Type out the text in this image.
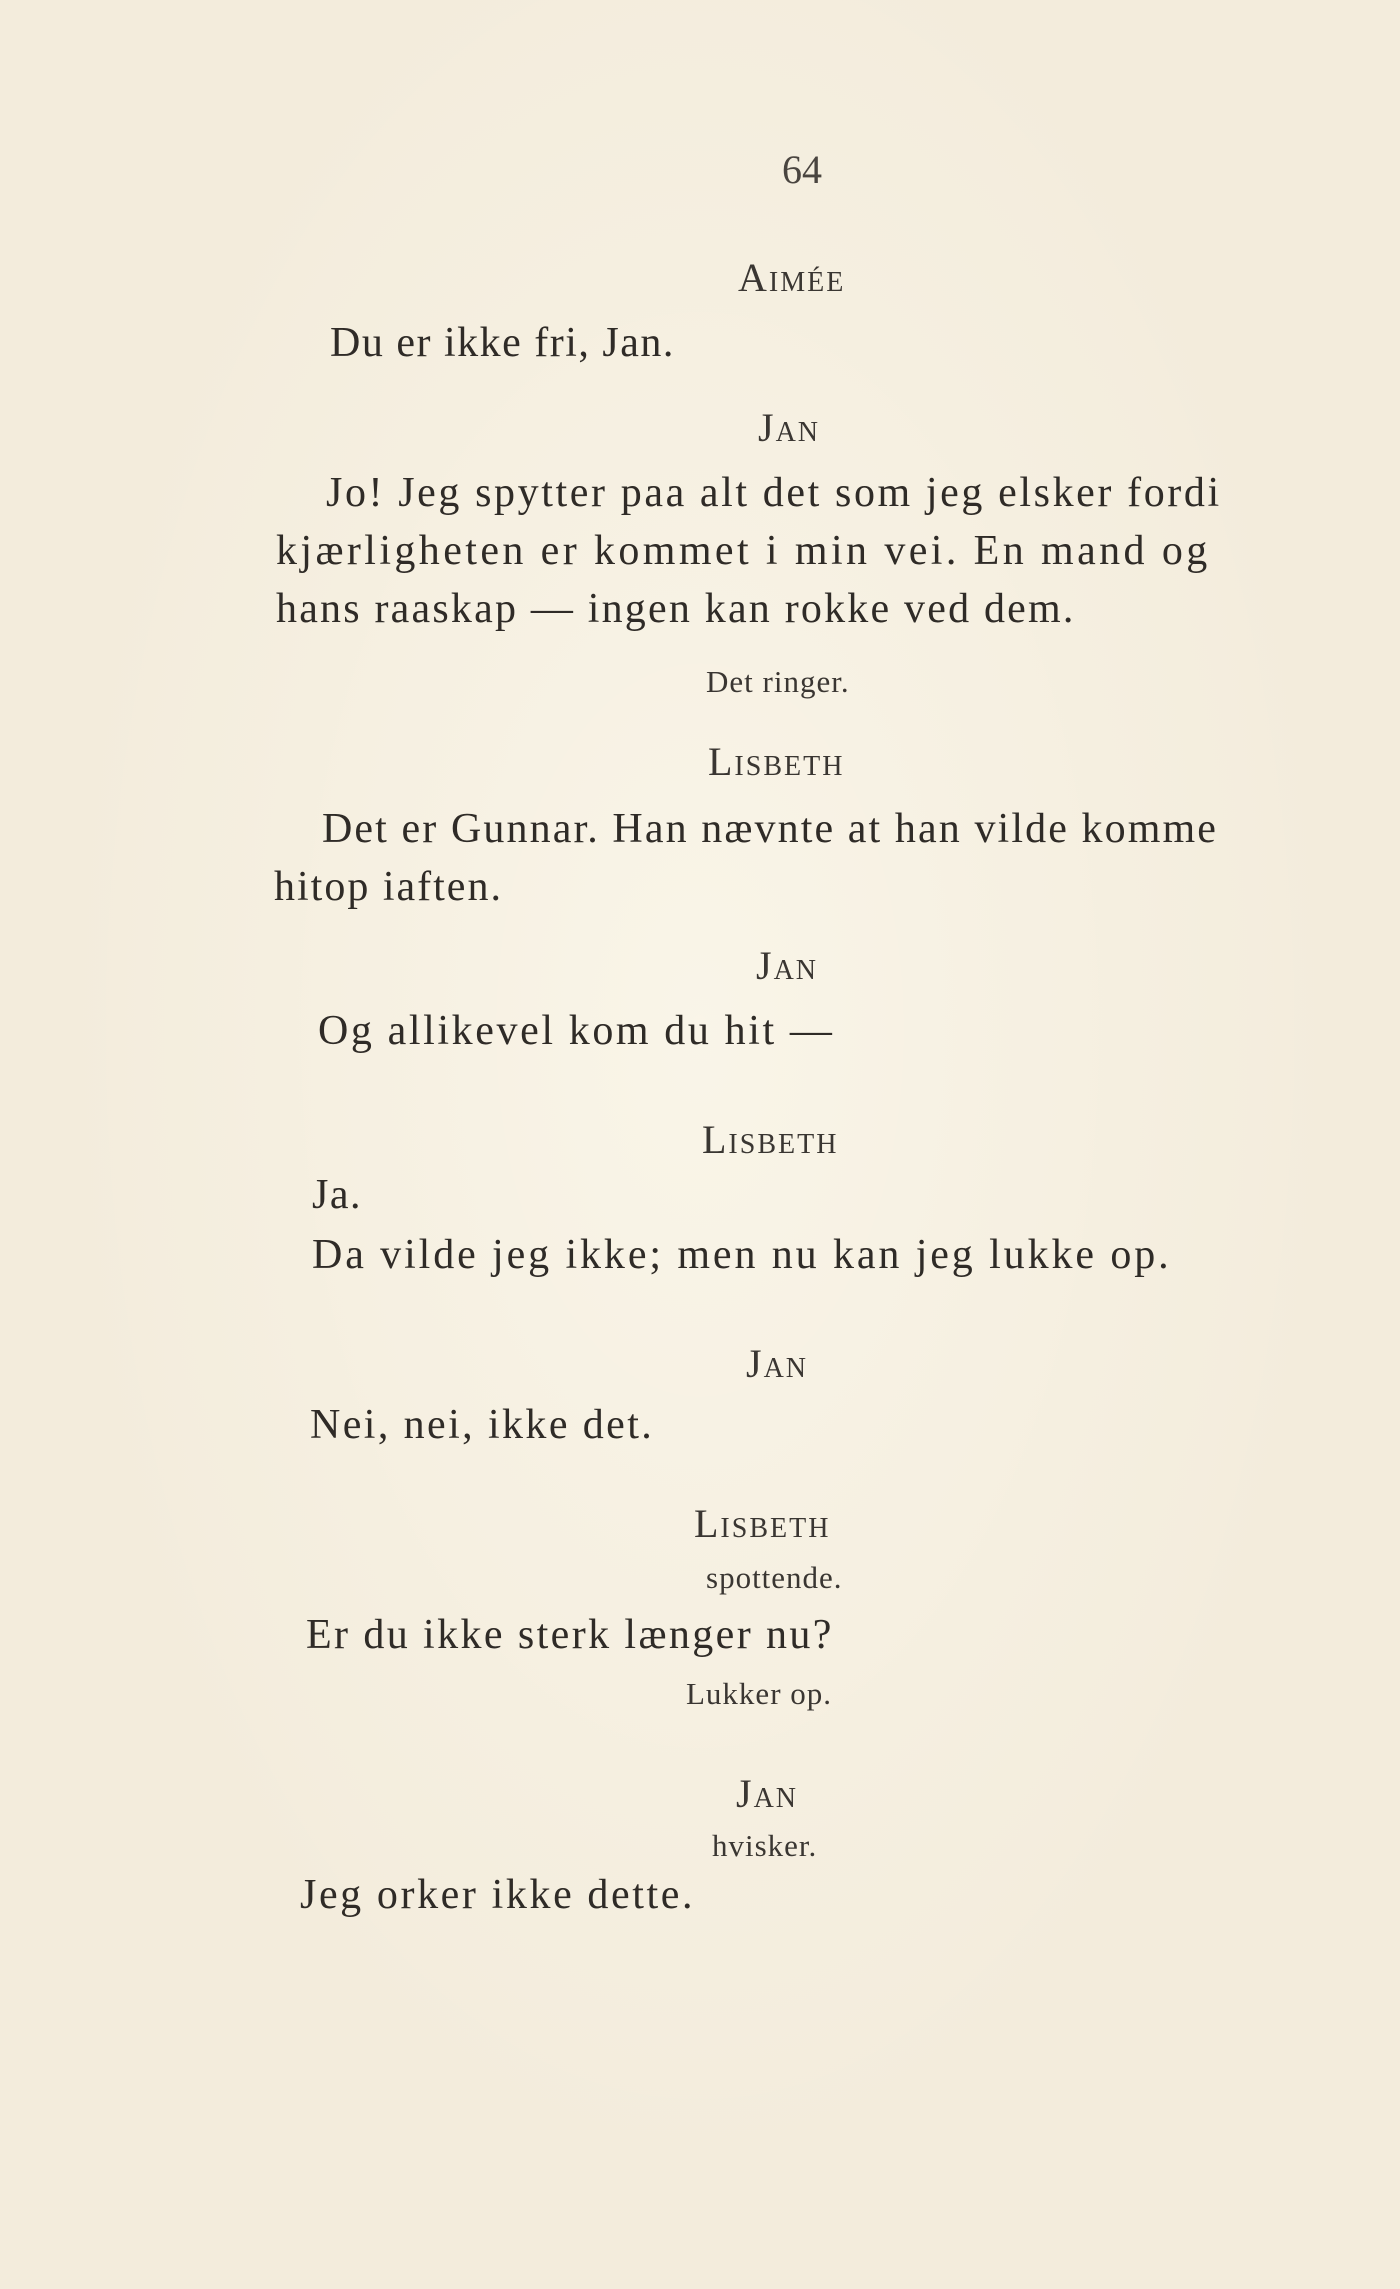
64
Aimée
Du er ikke fri, Jan.
Jan
Jo! Jeg spytter paa alt det som jeg elsker fordi
kjærligheten er kommet i min vei. En mand og
hans raaskap — ingen kan rokke ved dem.
Det ringer.
Lisbeth
Det er Gunnar. Han nævnte at han vilde komme
hitop iaften.
Jan
Og allikevel kom du hit —
Lisbeth
Ja.
Da vilde jeg ikke; men nu kan jeg lukke op.
Jan
Nei, nei, ikke det.
Lisbeth
spottende.
Er du ikke sterk længer nu?
Lukker op.
Jan
hvisker.
Jeg orker ikke dette.
